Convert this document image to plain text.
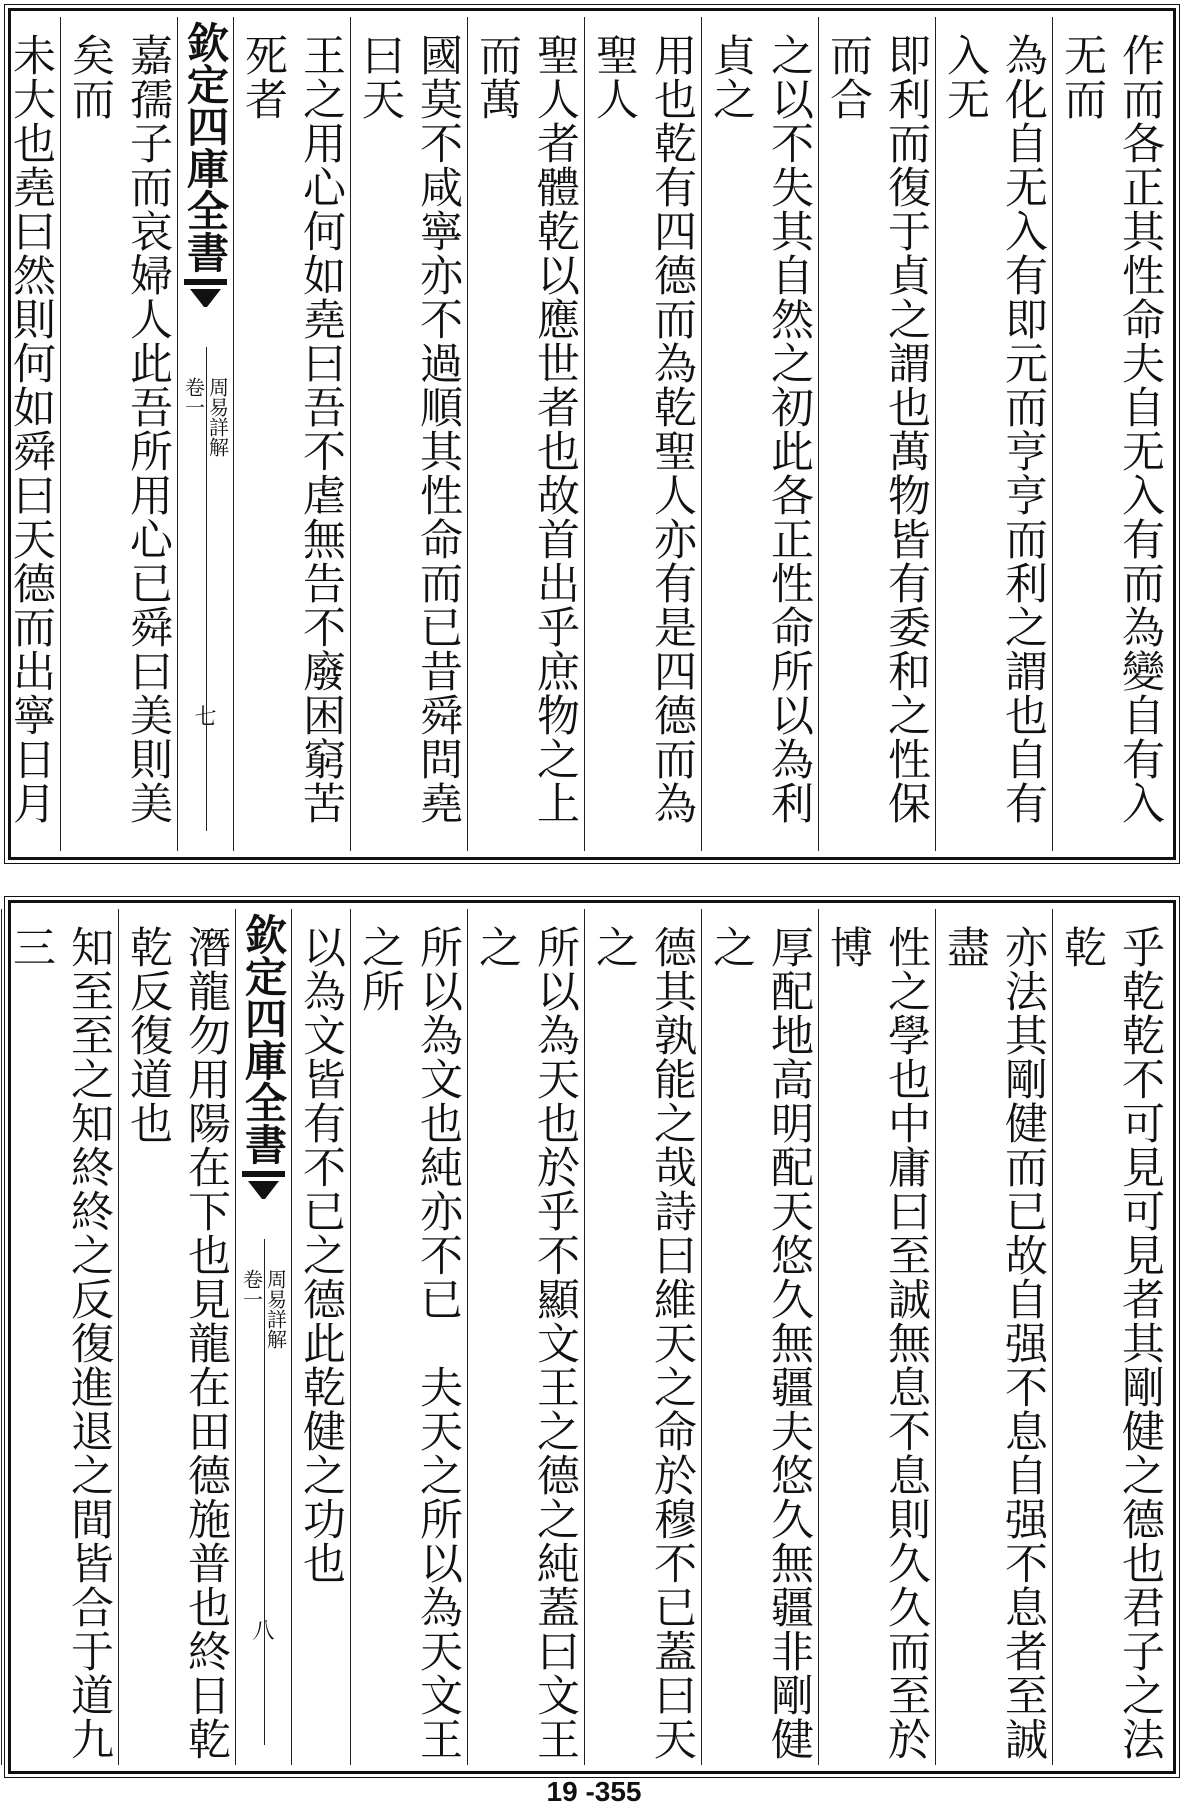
作而各正其性命夫自无入有而為變自有入无而
為化自无入有即元而亨亨而利之謂也自有入无
即利而復于貞之謂也萬物皆有委和之性保而合
之以不失其自然之初此各正性命所以為利貞之
用也乾有四德而為乾聖人亦有是四德而為聖人
聖人者體乾以應世者也故首出乎庶物之上而萬
國莫不咸寧亦不過順其性命而已昔舜問堯曰天
王之用心何如堯曰吾不虐無告不廢困窮苦死者
欽定四庫全書
周易詳解
卷一
七
嘉孺子而哀婦人此吾所用心已舜曰美則美矣而
未大也堯曰然則何如舜曰天德而出寧日月
乎乾乾不可見可見者其剛健之德也君子之法乾
亦法其剛健而已故自强不息自强不息者至誠盡
性之學也中庸曰至誠無息不息則久久而至於博
厚配地高明配天悠久無疆夫悠久無疆非剛健之
德其孰能之哉詩曰維天之命於穆不已蓋曰天之
所以為天也於乎不顯文王之德之純蓋曰文王之
所以為文也純亦不已　夫天之所以為天文王之所
以為文皆有不已之德此乾健之功也
欽定四庫全書
周易詳解
卷一
八
潛龍勿用陽在下也見龍在田德施普也終日乾乾反復道也
知至至之知終終之反復進退之間皆合于道九三
19 -355
